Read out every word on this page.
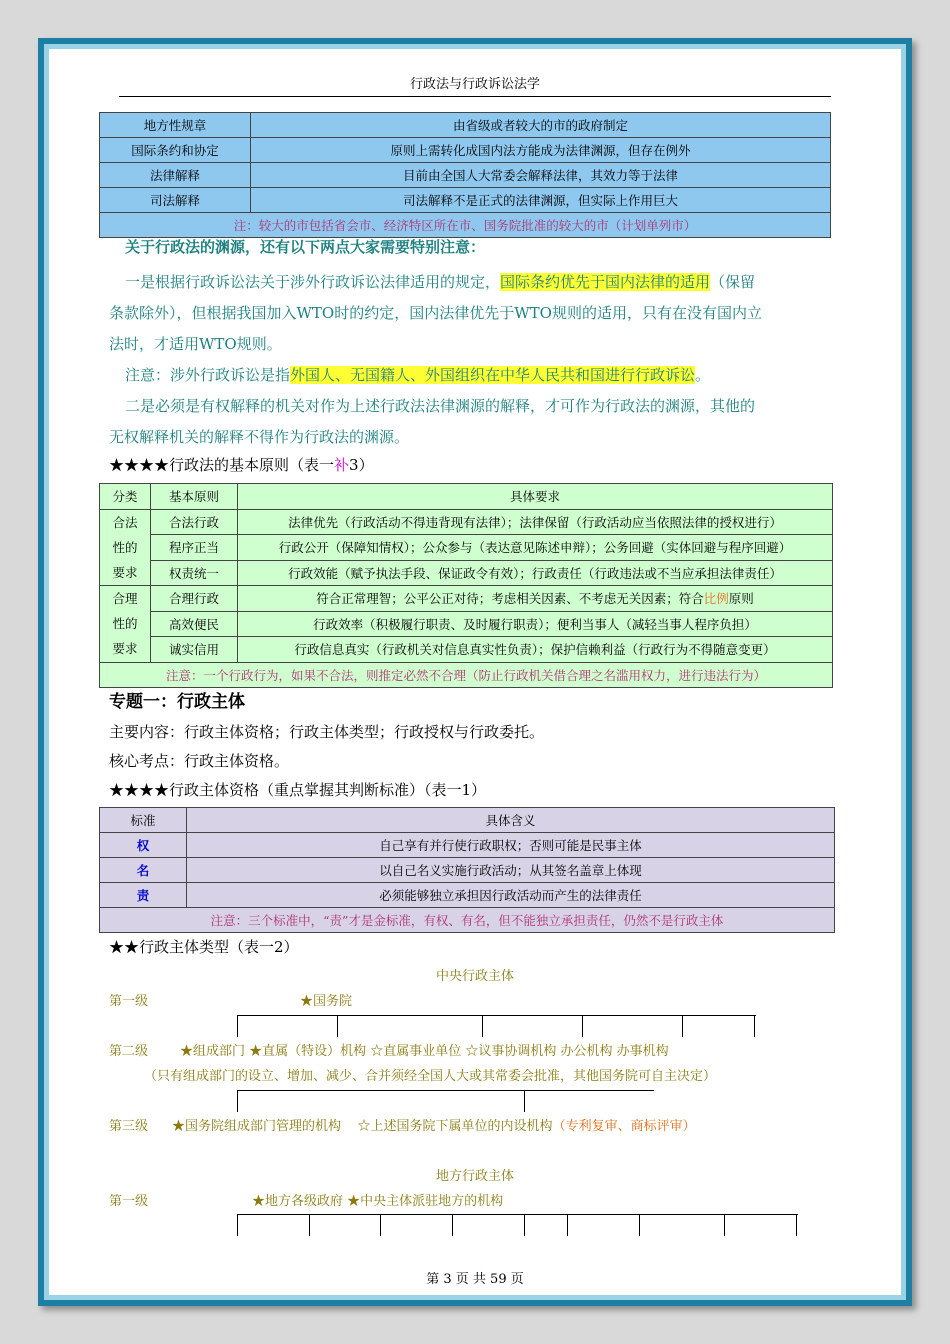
行政法与行政诉讼法学
地方性规章	由省级或者较大的市的政府制定
国际条约和协定	原则上需转化成国内法方能成为法律渊源，但存在例外
法律解释	目前由全国人大常委会解释法律，其效力等于法律
司法解释	司法解释不是正式的法律渊源，但实际上作用巨大
注：较大的市包括省会市、经济特区所在市、国务院批准的较大的市（计划单列市）	
关于行政法的渊源，还有以下两点大家需要特别注意：
一是根据行政诉讼法关于涉外行政诉讼法律适用的规定，国际条约优先于国内法律的适用（保留
条款除外），但根据我国加入WTO时的约定，国内法律优先于WTO规则的适用，只有在没有国内立
法时，才适用WTO规则。
注意：涉外行政诉讼是指外国人、无国籍人、外国组织在中华人民共和国进行行政诉讼。
二是必须是有权解释的机关对作为上述行政法法律渊源的解释，才可作为行政法的渊源，其他的
无权解释机关的解释不得作为行政法的渊源。
★★★★行政法的基本原则（表一补3）
分类	基本原则	具体要求
合法
性的
要求	合法行政	法律优先（行政活动不得违背现有法律）；法律保留（行政活动应当依照法律的授权进行）
	程序正当	行政公开（保障知情权）；公众参与（表达意见陈述申辩）；公务回避（实体回避与程序回避）
	权责统一	行政效能（赋予执法手段、保证政令有效）；行政责任（行政违法或不当应承担法律责任）
合理
性的
要求	合理行政	符合正常理智；公平公正对待；考虑相关因素、不考虑无关因素；符合比例原则
	高效便民	行政效率（积极履行职责、及时履行职责）；便利当事人（减轻当事人程序负担）
	诚实信用	行政信息真实（行政机关对信息真实性负责）；保护信赖利益（行政行为不得随意变更）
注意：一个行政行为，如果不合法，则推定必然不合理（防止行政机关借合理之名滥用权力，进行违法行为）		
专题一：行政主体
主要内容：行政主体资格；行政主体类型；行政授权与行政委托。
核心考点：行政主体资格。
★★★★行政主体资格（重点掌握其判断标准）（表一1）
标准	具体含义
权	自己享有并行使行政职权；否则可能是民事主体
名	以自己名义实施行政活动；从其签名盖章上体现
责	必须能够独立承担因行政活动而产生的法律责任
注意：三个标准中，“责”才是金标准，有权、有名，但不能独立承担责任，仍然不是行政主体	
★★行政主体类型（表一2）
中央行政主体
第一级	★国务院
第二级 ★组成部门 ★直属（特设）机构 ☆直属事业单位 ☆议事协调机构 办公机构 办事机构
（只有组成部门的设立、增加、减少、合并须经全国人大或其常委会批准，其他国务院可自主决定）
第三级 ★国务院组成部门管理的机构 ☆上述国务院下属单位的内设机构（专利复审、商标评审）
地方行政主体
第一级	★地方各级政府 ★中央主体派驻地方的机构
第 3 页 共 59 页
